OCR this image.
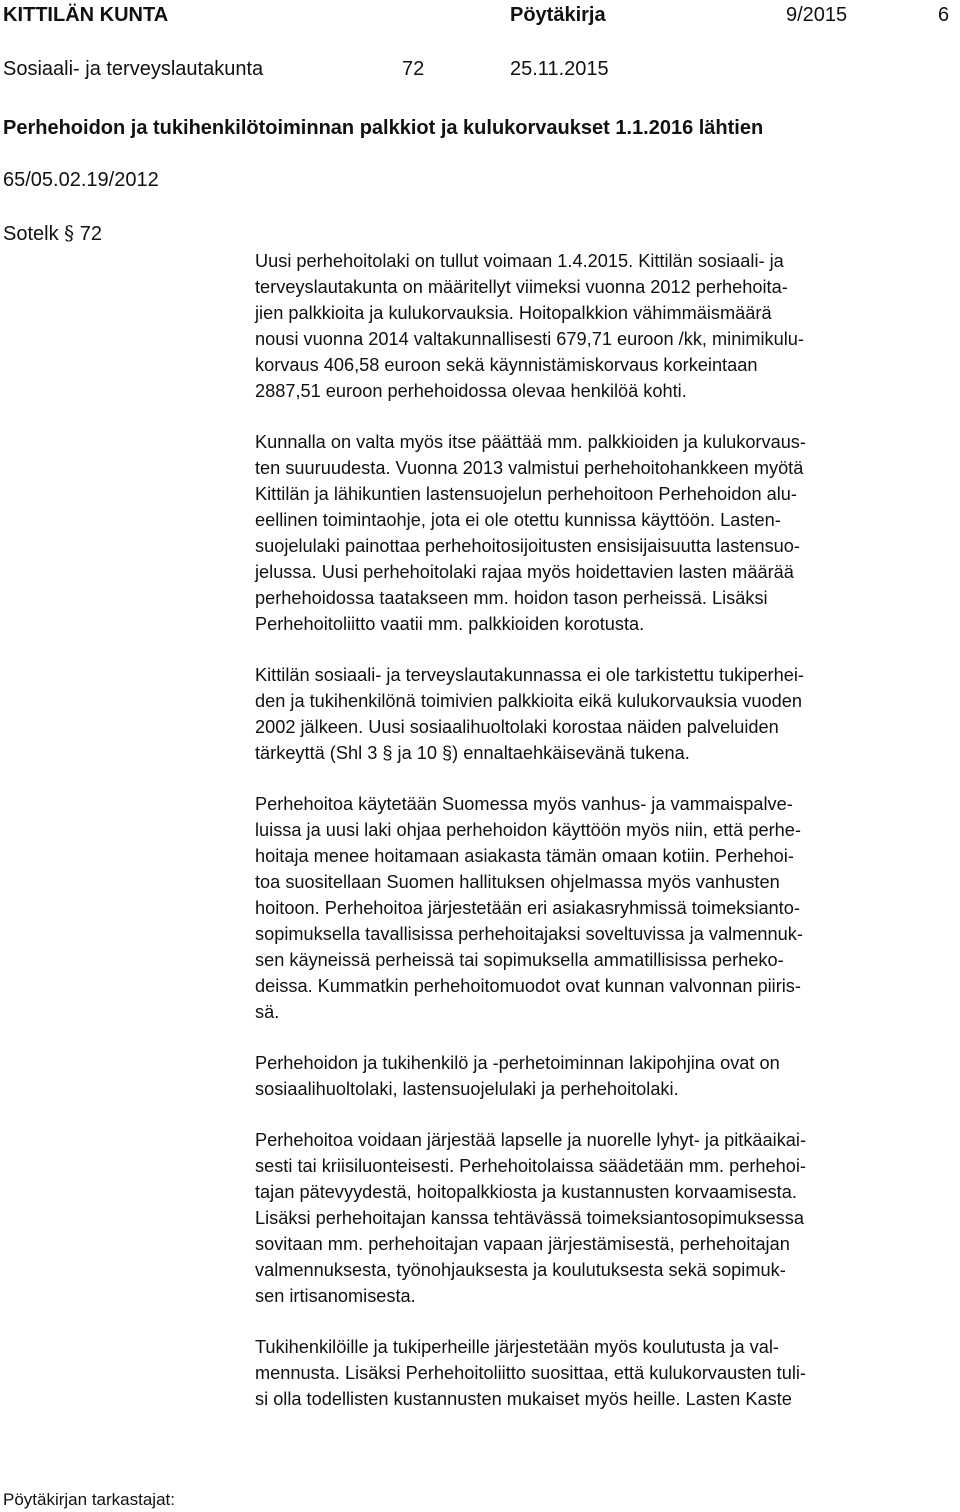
KITTILÄN KUNTA	Pöytäkirja	9/2015	6
Sosiaali- ja terveyslautakunta	72	25.11.2015
Perhehoidon ja tukihenkilötoiminnan palkkiot ja kulukorvaukset 1.1.2016 lähtien
65/05.02.19/2012
Sotelk § 72
Uusi perhehoitolaki on tullut voimaan 1.4.2015. Kittilän sosiaali- ja
terveyslautakunta on määritellyt viimeksi vuonna 2012 perhehoita-
jien palkkioita ja kulukorvauksia. Hoitopalkkion vähimmäismäärä
nousi vuonna 2014 valtakunnallisesti 679,71 euroon /kk, minimikulu-
korvaus 406,58 euroon sekä käynnistämiskorvaus korkeintaan
2887,51 euroon perhehoidossa olevaa henkilöä kohti.
Kunnalla on valta myös itse päättää mm. palkkioiden ja kulukorvaus-
ten suuruudesta. Vuonna 2013 valmistui perhehoitohankkeen myötä
Kittilän ja lähikuntien lastensuojelun perhehoitoon Perhehoidon alu-
eellinen toimintaohje, jota ei ole otettu kunnissa käyttöön. Lasten-
suojelulaki painottaa perhehoitosijoitusten ensisijaisuutta lastensuo-
jelussa. Uusi perhehoitolaki rajaa myös hoidettavien lasten määrää
perhehoidossa taatakseen mm. hoidon tason perheissä. Lisäksi
Perhehoitoliitto vaatii mm. palkkioiden korotusta.
Kittilän sosiaali- ja terveyslautakunnassa ei ole tarkistettu tukiperhei-
den ja tukihenkilönä toimivien palkkioita eikä kulukorvauksia vuoden
2002 jälkeen. Uusi sosiaalihuoltolaki korostaa näiden palveluiden
tärkeyttä (Shl 3 § ja 10 §) ennaltaehkäisevänä tukena.
Perhehoitoa käytetään Suomessa myös vanhus- ja vammaispalve-
luissa ja uusi laki ohjaa perhehoidon käyttöön myös niin, että perhe-
hoitaja menee hoitamaan asiakasta tämän omaan kotiin. Perhehoi-
toa suositellaan Suomen hallituksen ohjelmassa myös vanhusten
hoitoon. Perhehoitoa järjestetään eri asiakasryhmissä toimeksianto-
sopimuksella tavallisissa perhehoitajaksi soveltuvissa ja valmennuk-
sen käyneissä perheissä tai sopimuksella ammatillisissa perheko-
deissa. Kummatkin perhehoitomuodot ovat kunnan valvonnan piiris-
sä.
Perhehoidon ja tukihenkilö ja -perhetoiminnan lakipohjina ovat on
sosiaalihuoltolaki, lastensuojelulaki ja perhehoitolaki.
Perhehoitoa voidaan järjestää lapselle ja nuorelle lyhyt- ja pitkäaikai-
sesti tai kriisiluonteisesti. Perhehoitolaissa säädetään mm. perhehoi-
tajan pätevyydestä, hoitopalkkiosta ja kustannusten korvaamisesta.
Lisäksi perhehoitajan kanssa tehtävässä toimeksiantosopimuksessa
sovitaan mm. perhehoitajan vapaan järjestämisestä, perhehoitajan
valmennuksesta, työnohjauksesta ja koulutuksesta sekä sopimuk-
sen irtisanomisesta.
Tukihenkilöille ja tukiperheille järjestetään myös koulutusta ja val-
mennusta. Lisäksi Perhehoitoliitto suosittaa, että kulukorvausten tuli-
si olla todellisten kustannusten mukaiset myös heille. Lasten Kaste
Pöytäkirjan tarkastajat:
